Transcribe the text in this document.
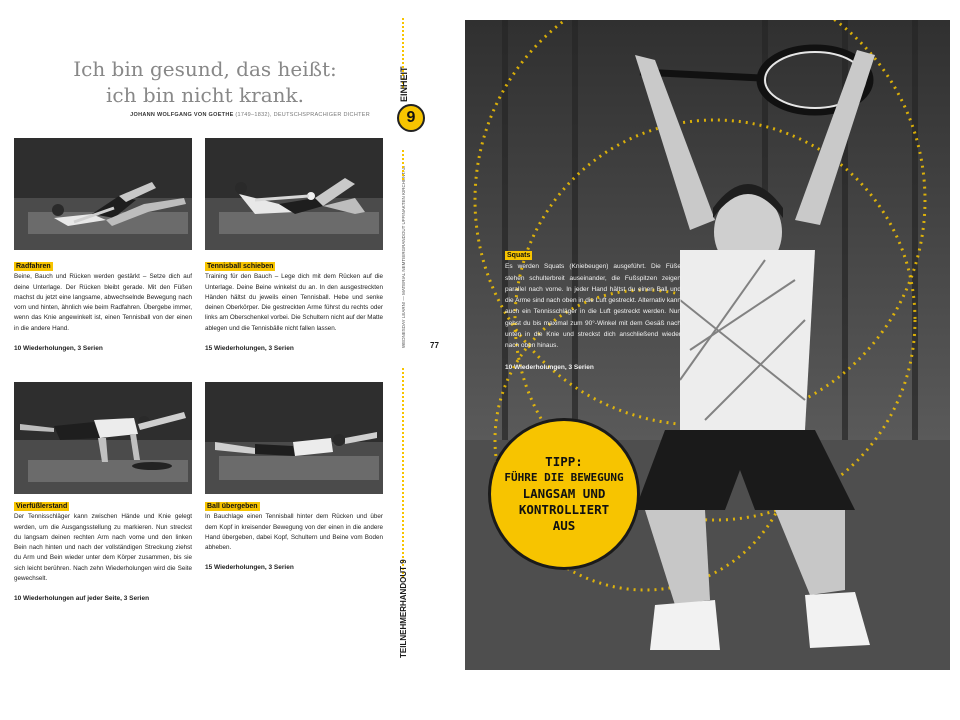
Ich bin gesund, das heißt:
ich bin nicht krank.
JOHANN WOLFGANG VON GOETHE (1749–1832), DEUTSCHSPRACHIGER DICHTER
Radfahren
Beine, Bauch und Rücken werden gestärkt – Setze dich auf deine Unterlage. Der Rücken bleibt gerade. Mit den Füßen machst du jetzt eine langsame, abwechselnde Bewegung nach vorn und hinten, ähnlich wie beim Radfahren. Übergebe immer, wenn das Knie angewinkelt ist, einen Tennisball von der einen in die andere Hand.
10 Wiederholungen, 3 Serien
Tennisball schieben
Training für den Bauch – Lege dich mit dem Rücken auf die Unterlage. Deine Beine winkelst du an. In den ausgestreckten Händen hältst du jeweils einen Tennisball. Hebe und senke deinen Oberkörper. Die gestreckten Arme führst du rechts oder links am Oberschenkel vorbei. Die Schultern nicht auf der Matte ablegen und die Tennisbälle nicht fallen lassen.
15 Wiederholungen, 3 Serien
Vierfüßlerstand
Der Tennisschläger kann zwischen Hände und Knie gelegt werden, um die Ausgangsstellung zu markieren. Nun streckst du langsam deinen rechten Arm nach vorne und den linken Bein nach hinten und nach der vollständigen Streckung ziehst du Arm und Bein wieder unter dem Körper zusammen, bis sie sich leicht berühren. Nach zehn Wiederholungen wird die Seite gewechselt.
10 Wiederholungen auf jeder Seite, 3 Serien
Ball übergeben
In Bauchlage einen Tennisball hinter dem Rücken und über dem Kopf in kreisender Bewegung von der einen in die andere Hand übergeben, dabei Kopf, Schultern und Beine vom Boden abheben.
15 Wiederholungen, 3 Serien
EINHEIT
9
WEDNESDAY LEARN! — MATERIAL NEMTIERGRANDOUT UFFINAKTEN KIRCHENTAG
TEILNEHMERHANDOUT 9
77
Squats
Es werden Squats (Kniebeugen) ausgeführt. Die Füße stehen schulterbreit auseinander, die Fußspitzen zeigen parallel nach vorne. In jeder Hand hältst du einen Ball und die Arme sind nach oben in die Luft gestreckt. Alternativ kann auch ein Tennisschläger in die Luft gestreckt werden. Nun gehst du bis maximal zum 90°-Winkel mit dem Gesäß nach unten in die Knie und streckst dich anschließend wieder nach oben hinaus.
10 Wiederholungen, 3 Serien
TIPP:
FÜHRE DIE BEWEGUNG
LANGSAM UND
KONTROLLIERT
AUS
